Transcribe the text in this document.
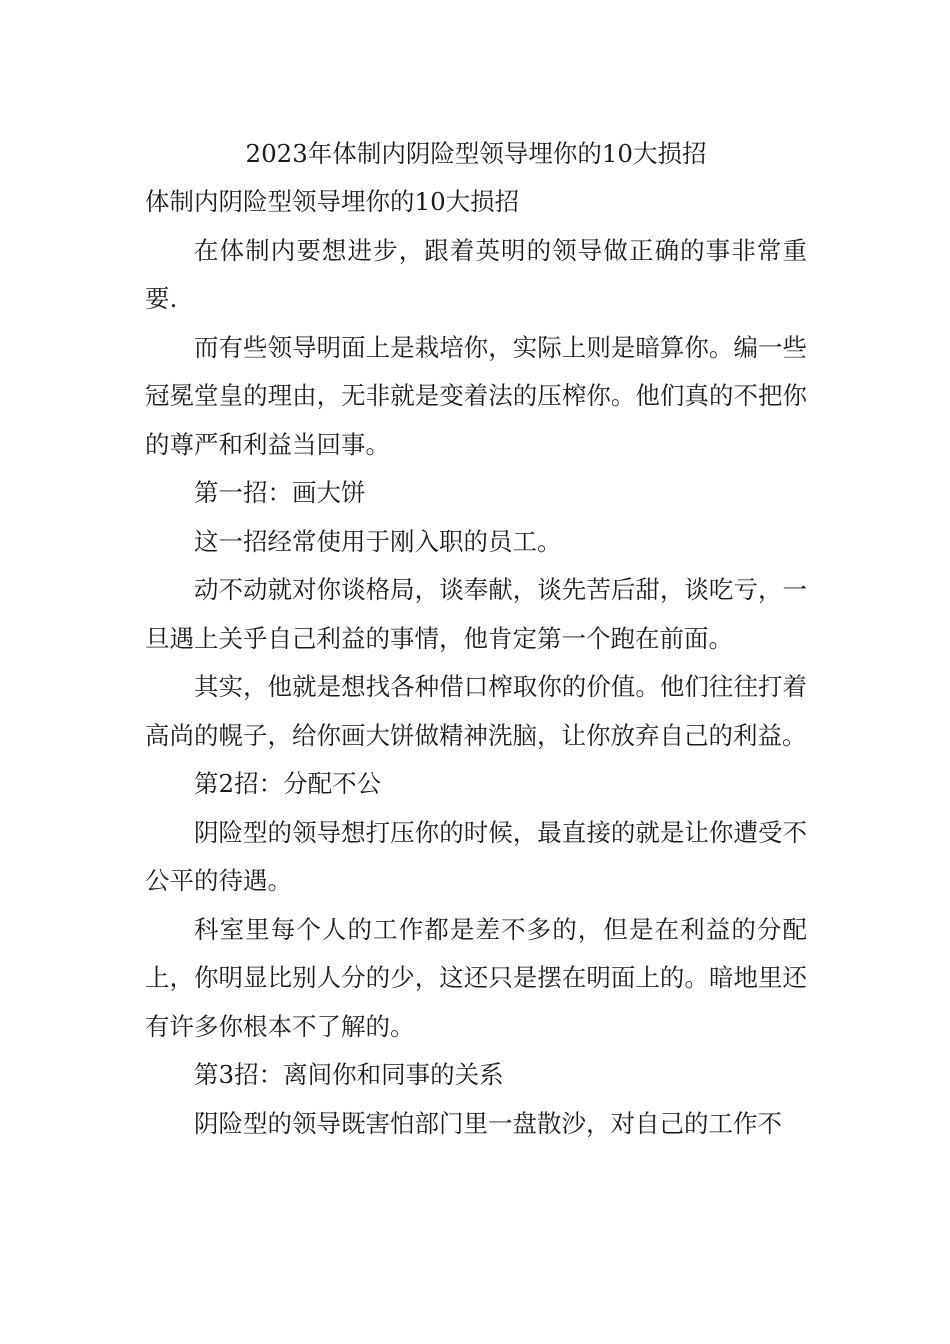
2023年体制内阴险型领导埋你的10大损招
体制内阴险型领导埋你的10大损招
在体制内要想进步，跟着英明的领导做正确的事非常重要.
而有些领导明面上是栽培你，实际上则是暗算你。编一些冠冕堂皇的理由，无非就是变着法的压榨你。他们真的不把你的尊严和利益当回事。
第一招：画大饼
这一招经常使用于刚入职的员工。
动不动就对你谈格局，谈奉献，谈先苦后甜，谈吃亏，一旦遇上关乎自己利益的事情，他肯定第一个跑在前面。
其实，他就是想找各种借口榨取你的价值。他们往往打着高尚的幌子，给你画大饼做精神洗脑，让你放弃自己的利益。
第2招：分配不公
阴险型的领导想打压你的时候，最直接的就是让你遭受不公平的待遇。
科室里每个人的工作都是差不多的，但是在利益的分配上，你明显比别人分的少，这还只是摆在明面上的。暗地里还有许多你根本不了解的。
第3招：离间你和同事的关系
阴险型的领导既害怕部门里一盘散沙，对自己的工作不
